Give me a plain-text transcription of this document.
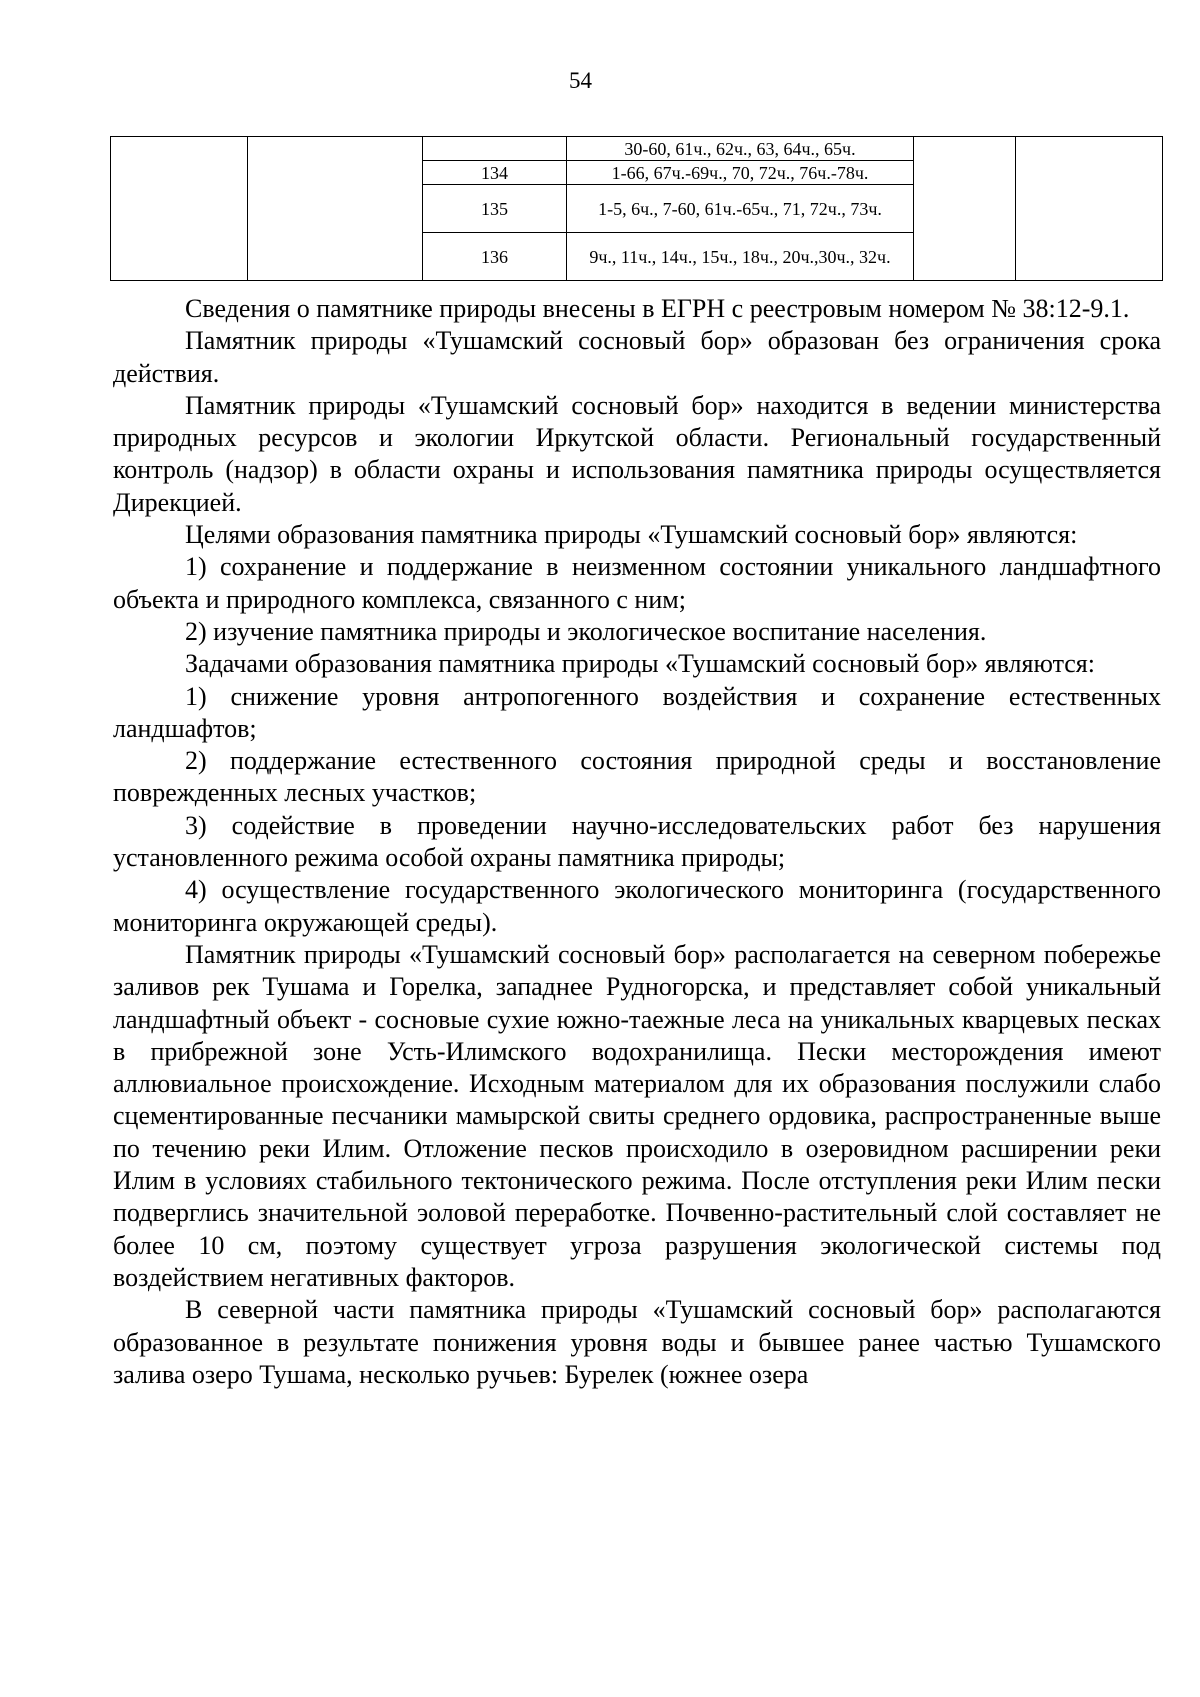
54
			30-60, 61ч., 62ч., 63, 64ч., 65ч.		
		134	1-66, 67ч.-69ч., 70, 72ч., 76ч.-78ч.		
		135	1-5, 6ч., 7-60, 61ч.-65ч., 71, 72ч., 73ч.		
		136	9ч., 11ч., 14ч., 15ч., 18ч., 20ч.,30ч., 32ч.		

Сведения о памятнике природы внесены в ЕГРН с реестровым номером № 38:12-9.1.

Памятник природы «Тушамский сосновый бор» образован без ограничения срока действия.

Памятник природы «Тушамский сосновый бор» находится в ведении министерства природных ресурсов и экологии Иркутской области. Региональный государственный контроль (надзор) в области охраны и использования памятника природы осуществляется Дирекцией.

Целями образования памятника природы «Тушамский сосновый бор» являются:

1) сохранение и поддержание в неизменном состоянии уникального ландшафтного объекта и природного комплекса, связанного с ним;

2) изучение памятника природы и экологическое воспитание населения.

Задачами образования памятника природы «Тушамский сосновый бор» являются:

1) снижение уровня антропогенного воздействия и сохранение естественных ландшафтов;

2) поддержание естественного состояния природной среды и восстановление поврежденных лесных участков;

3) содействие в проведении научно-исследовательских работ без нарушения установленного режима особой охраны памятника природы;

4) осуществление государственного экологического мониторинга (государственного мониторинга окружающей среды).

Памятник природы «Тушамский сосновый бор» располагается на северном побережье заливов рек Тушама и Горелка, западнее Рудногорска, и представляет собой уникальный ландшафтный объект - сосновые сухие южно-таежные леса на уникальных кварцевых песках в прибрежной зоне Усть-Илимского водохранилища. Пески месторождения имеют аллювиальное происхождение. Исходным материалом для их образования послужили слабо сцементированные песчаники мамырской свиты среднего ордовика, распространенные выше по течению реки Илим. Отложение песков происходило в озеровидном расширении реки Илим в условиях стабильного тектонического режима. После отступления реки Илим пески подверглись значительной эоловой переработке. Почвенно-растительный слой составляет не более 10 см, поэтому существует угроза разрушения экологической системы под воздействием негативных факторов.

В северной части памятника природы «Тушамский сосновый бор» располагаются образованное в результате понижения уровня воды и бывшее ранее частью Тушамского залива озеро Тушама, несколько ручьев: Бурелек (южнее озера
